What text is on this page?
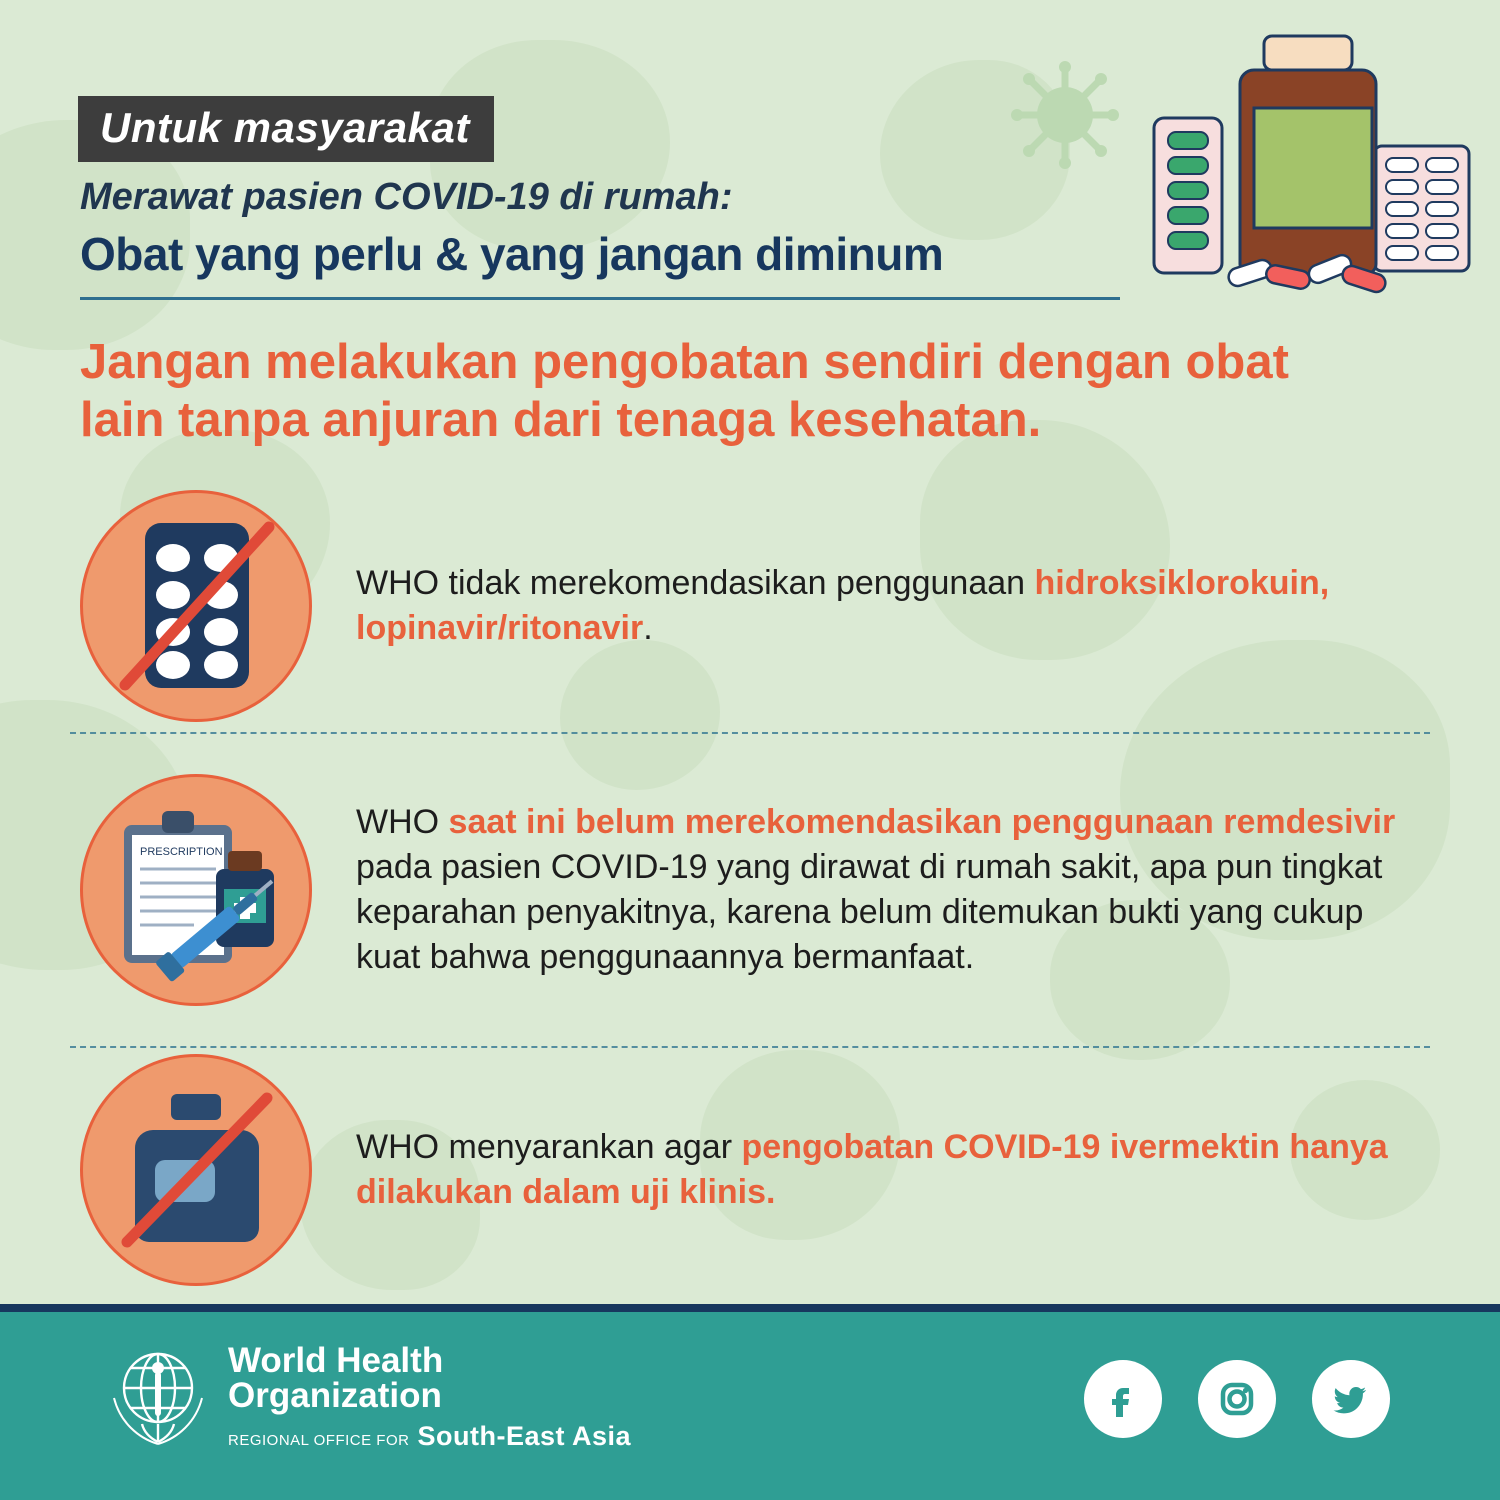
Untuk masyarakat
Merawat pasien COVID-19 di rumah:
Obat yang perlu & yang jangan diminum
Jangan melakukan pengobatan sendiri dengan obat lain tanpa anjuran dari tenaga kesehatan.
WHO tidak merekomendasikan penggunaan hidroksiklorokuin, lopinavir/ritonavir.
PRESCRIPTION
WHO saat ini belum merekomendasikan penggunaan remdesivir pada pasien COVID-19 yang dirawat di rumah sakit, apa pun tingkat keparahan penyakitnya, karena belum ditemukan bukti yang cukup kuat bahwa penggunaannya bermanfaat.
WHO menyarankan agar pengobatan COVID-19 ivermektin hanya dilakukan dalam uji klinis.
World Health
Organization
REGIONAL OFFICE FOR South-East Asia
